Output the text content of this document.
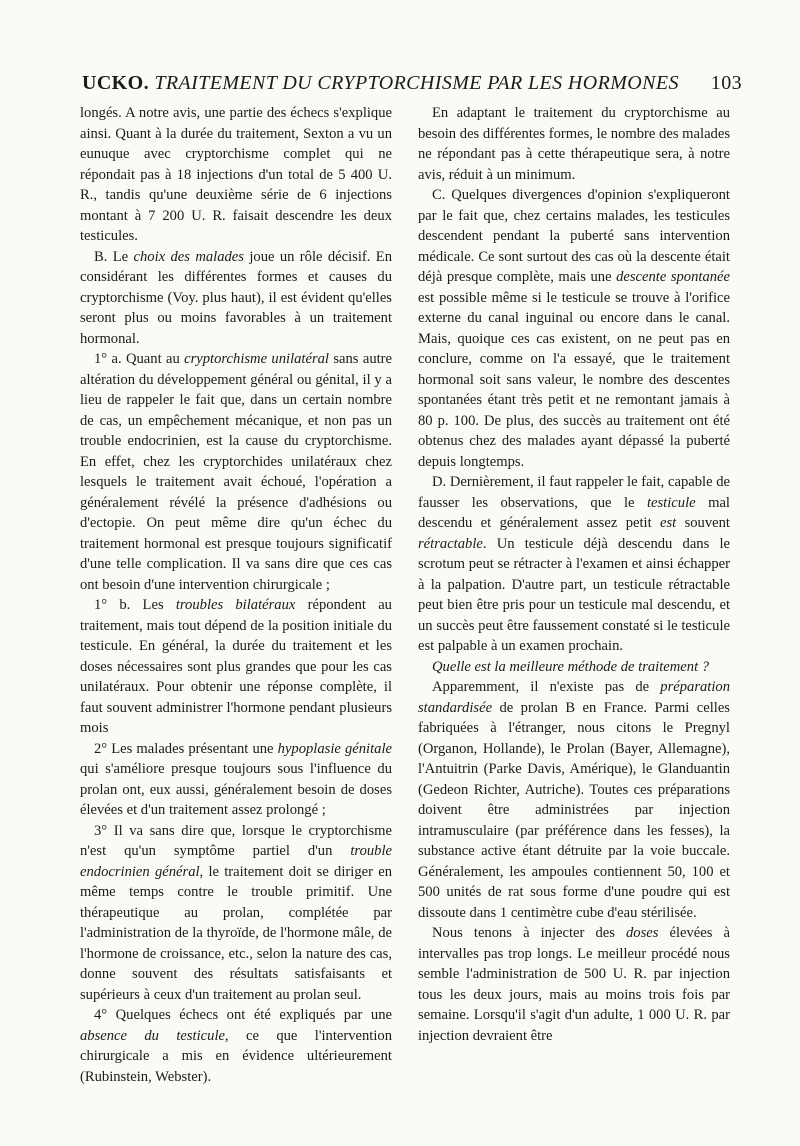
UCKO. TRAITEMENT DU CRYPTORCHISME PAR LES HORMONES 103

longés. A notre avis, une partie des échecs s'explique ainsi. Quant à la durée du traitement, Sexton a vu un eunuque avec cryptorchisme complet qui ne répondait pas à 18 injections d'un total de 5 400 U. R., tandis qu'une deuxième série de 6 injections montant à 7 200 U. R. faisait descendre les deux testicules.

B. Le choix des malades joue un rôle décisif. En considérant les différentes formes et causes du cryptorchisme (Voy. plus haut), il est évident qu'elles seront plus ou moins favorables à un traitement hormonal.

1° a. Quant au cryptorchisme unilatéral sans autre altération du développement général ou génital, il y a lieu de rappeler le fait que, dans un certain nombre de cas, un empêchement mécanique, et non pas un trouble endocrinien, est la cause du cryptorchisme. En effet, chez les cryptorchides unilatéraux chez lesquels le traitement avait échoué, l'opération a généralement révélé la présence d'adhésions ou d'ectopie. On peut même dire qu'un échec du traitement hormonal est presque toujours significatif d'une telle complication. Il va sans dire que ces cas ont besoin d'une intervention chirurgicale ;

1° b. Les troubles bilatéraux répondent au traitement, mais tout dépend de la position initiale du testicule. En général, la durée du traitement et les doses nécessaires sont plus grandes que pour les cas unilatéraux. Pour obtenir une réponse complète, il faut souvent administrer l'hormone pendant plusieurs mois

2° Les malades présentant une hypoplasie génitale qui s'améliore presque toujours sous l'influence du prolan ont, eux aussi, généralement besoin de doses élevées et d'un traitement assez prolongé ;

3° Il va sans dire que, lorsque le cryptorchisme n'est qu'un symptôme partiel d'un trouble endocrinien général, le traitement doit se diriger en même temps contre le trouble primitif. Une thérapeutique au prolan, complétée par l'administration de la thyroïde, de l'hormone mâle, de l'hormone de croissance, etc., selon la nature des cas, donne souvent des résultats satisfaisants et supérieurs à ceux d'un traitement au prolan seul.

4° Quelques échecs ont été expliqués par une absence du testicule, ce que l'intervention chirurgicale a mis en évidence ultérieurement (Rubinstein, Webster).

En adaptant le traitement du cryptorchisme au besoin des différentes formes, le nombre des malades ne répondant pas à cette thérapeutique sera, à notre avis, réduit à un minimum.

C. Quelques divergences d'opinion s'expliqueront par le fait que, chez certains malades, les testicules descendent pendant la puberté sans intervention médicale. Ce sont surtout des cas où la descente était déjà presque complète, mais une descente spontanée est possible même si le testicule se trouve à l'orifice externe du canal inguinal ou encore dans le canal. Mais, quoique ces cas existent, on ne peut pas en conclure, comme on l'a essayé, que le traitement hormonal soit sans valeur, le nombre des descentes spontanées étant très petit et ne remontant jamais à 80 p. 100. De plus, des succès au traitement ont été obtenus chez des malades ayant dépassé la puberté depuis longtemps.

D. Dernièrement, il faut rappeler le fait, capable de fausser les observations, que le testicule mal descendu et généralement assez petit est souvent rétractable. Un testicule déjà descendu dans le scrotum peut se rétracter à l'examen et ainsi échapper à la palpation. D'autre part, un testicule rétractable peut bien être pris pour un testicule mal descendu, et un succès peut être faussement constaté si le testicule est palpable à un examen prochain.

Quelle est la meilleure méthode de traitement ?

Apparemment, il n'existe pas de préparation standardisée de prolan B en France. Parmi celles fabriquées à l'étranger, nous citons le Pregnyl (Organon, Hollande), le Prolan (Bayer, Allemagne), l'Antuitrin (Parke Davis, Amérique), le Glanduantin (Gedeon Richter, Autriche). Toutes ces préparations doivent être administrées par injection intramusculaire (par préférence dans les fesses), la substance active étant détruite par la voie buccale. Généralement, les ampoules contiennent 50, 100 et 500 unités de rat sous forme d'une poudre qui est dissoute dans 1 centimètre cube d'eau stérilisée.

Nous tenons à injecter des doses élevées à intervalles pas trop longs. Le meilleur procédé nous semble l'administration de 500 U. R. par injection tous les deux jours, mais au moins trois fois par semaine. Lorsqu'il s'agit d'un adulte, 1 000 U. R. par injection devraient être
